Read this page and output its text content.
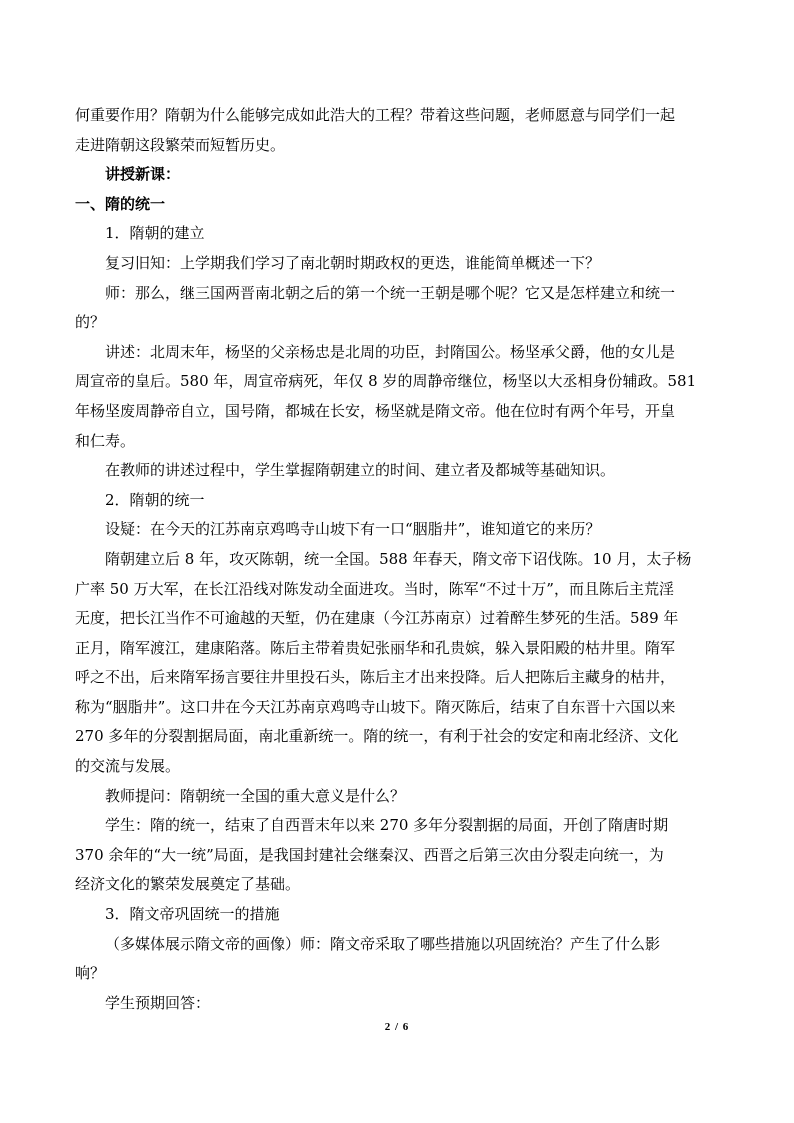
何重要作用？隋朝为什么能够完成如此浩大的工程？带着这些问题，老师愿意与同学们一起

走进隋朝这段繁荣而短暂历史。

讲授新课：

一、隋的统一

1．隋朝的建立

复习旧知：上学期我们学习了南北朝时期政权的更迭，谁能简单概述一下？

师：那么，继三国两晋南北朝之后的第一个统一王朝是哪个呢？它又是怎样建立和统一

的？

讲述：北周末年，杨坚的父亲杨忠是北周的功臣，封隋国公。杨坚承父爵，他的女儿是

周宣帝的皇后。580 年，周宣帝病死，年仅 8 岁的周静帝继位，杨坚以大丞相身份辅政。581

年杨坚废周静帝自立，国号隋，都城在长安，杨坚就是隋文帝。他在位时有两个年号，开皇

和仁寿。

在教师的讲述过程中，学生掌握隋朝建立的时间、建立者及都城等基础知识。

2．隋朝的统一

设疑：在今天的江苏南京鸡鸣寺山坡下有一口“胭脂井”，谁知道它的来历？

隋朝建立后 8 年，攻灭陈朝，统一全国。588 年春天，隋文帝下诏伐陈。10 月，太子杨

广率 50 万大军，在长江沿线对陈发动全面进攻。当时，陈军“不过十万”，而且陈后主荒淫

无度，把长江当作不可逾越的天堑，仍在建康（今江苏南京）过着醉生梦死的生活。589 年

正月，隋军渡江，建康陷落。陈后主带着贵妃张丽华和孔贵嫔，躲入景阳殿的枯井里。隋军

呼之不出，后来隋军扬言要往井里投石头，陈后主才出来投降。后人把陈后主藏身的枯井，

称为“胭脂井”。这口井在今天江苏南京鸡鸣寺山坡下。隋灭陈后，结束了自东晋十六国以来

270 多年的分裂割据局面，南北重新统一。隋的统一，有利于社会的安定和南北经济、文化

的交流与发展。

教师提问：隋朝统一全国的重大意义是什么？

学生：隋的统一，结束了自西晋末年以来 270 多年分裂割据的局面，开创了隋唐时期

370 余年的“大一统”局面，是我国封建社会继秦汉、西晋之后第三次由分裂走向统一，为

经济文化的繁荣发展奠定了基础。

3．隋文帝巩固统一的措施

（多媒体展示隋文帝的画像）师：隋文帝采取了哪些措施以巩固统治？产生了什么影

响？

学生预期回答：

2 / 6
